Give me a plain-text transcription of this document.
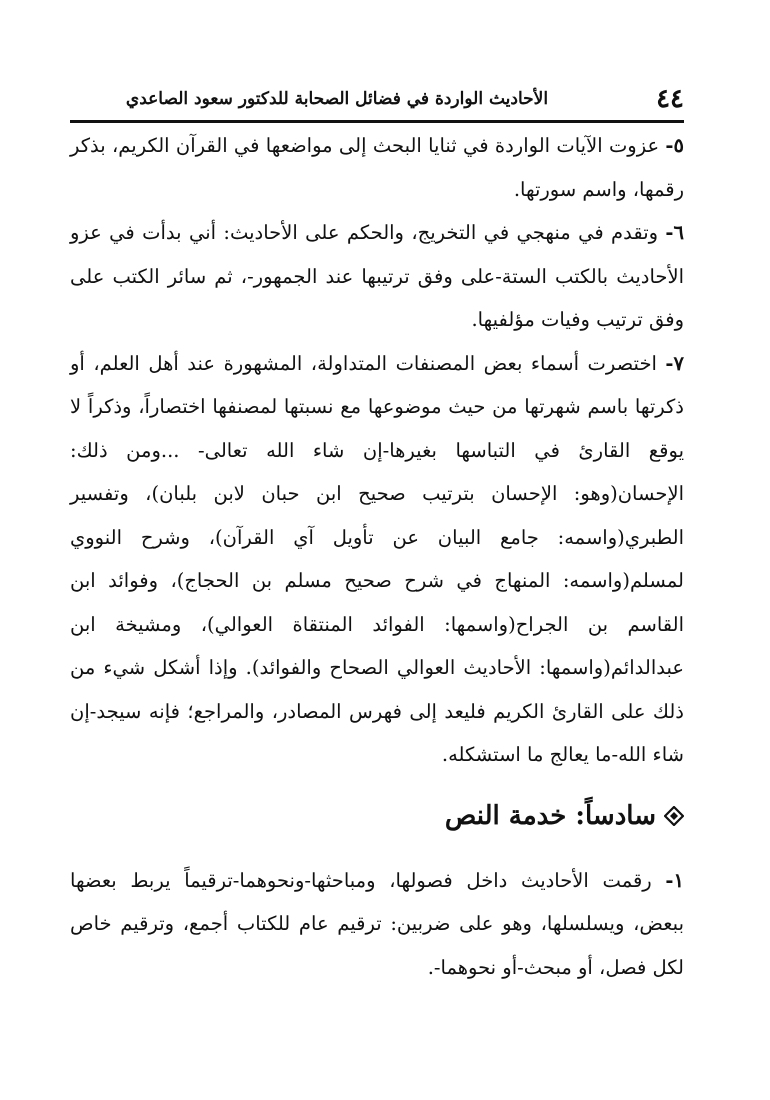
٤٤
الأحاديث الواردة في فضائل الصحابة للدكتور سعود الصاعدي

٥- عزوت الآيات الواردة في ثنايا البحث إلى مواضعها في القرآن الكريم، بذكر رقمها، واسم سورتها.

٦- وتقدم في منهجي في التخريج، والحكم على الأحاديث: أني بدأت في عزو الأحاديث بالكتب الستة-على وفق ترتيبها عند الجمهور-، ثم سائر الكتب على وفق ترتيب وفيات مؤلفيها.

٧- اختصرت أسماء بعض المصنفات المتداولة، المشهورة عند أهل العلم، أو ذكرتها باسم شهرتها من حيث موضوعها مع نسبتها لمصنفها اختصاراً، وذكراً لا يوقع القارئ في التباسها بغيرها-إن شاء الله تعالى- ...ومن ذلك: الإحسان(وهو: الإحسان بترتيب صحيح ابن حبان لابن بلبان)، وتفسير الطبري(واسمه: جامع البيان عن تأويل آي القرآن)، وشرح النووي لمسلم(واسمه: المنهاج في شرح صحيح مسلم بن الحجاج)، وفوائد ابن القاسم بن الجراح(واسمها: الفوائد المنتقاة العوالي)، ومشيخة ابن عبدالدائم(واسمها: الأحاديث العوالي الصحاح والفوائد). وإذا أشكل شيء من ذلك على القارئ الكريم فليعد إلى فهرس المصادر، والمراجع؛ فإنه سيجد-إن شاء الله-ما يعالج ما استشكله.

سادساً: خدمة النص

١- رقمت الأحاديث داخل فصولها، ومباحثها-ونحوهما-ترقيماً يربط بعضها ببعض، ويسلسلها، وهو على ضربين: ترقيم عام للكتاب أجمع، وترقيم خاص لكل فصل، أو مبحث-أو نحوهما-.
